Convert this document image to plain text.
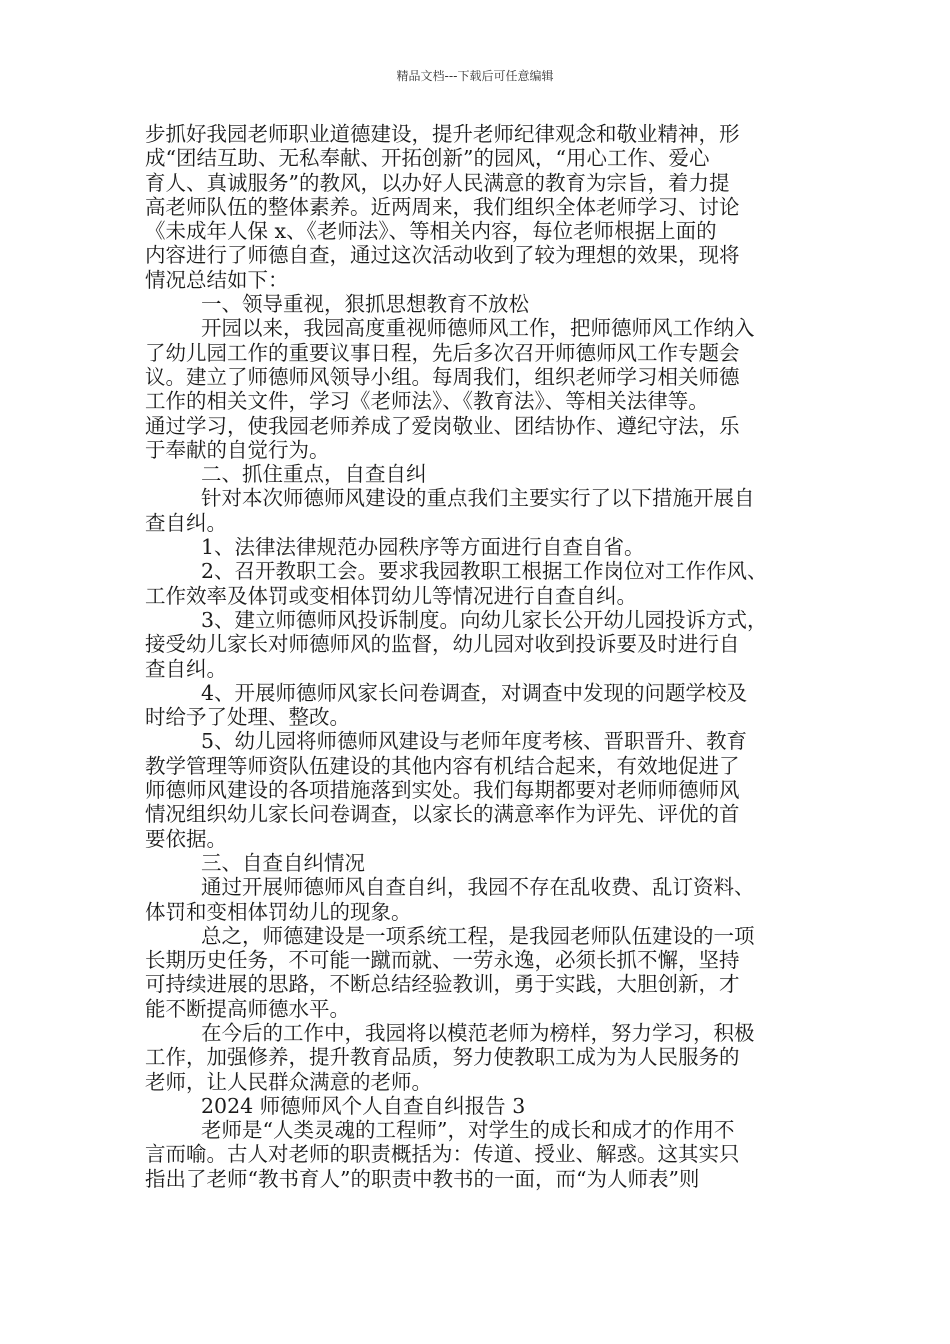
精品文档---下载后可任意编辑
步抓好我园老师职业道德建设，提升老师纪律观念和敬业精神，形
成“团结互助、无私奉献、开拓创新”的园风，“用心工作、爱心
育人、真诚服务”的教风，以办好人民满意的教育为宗旨，着力提
高老师队伍的整体素养。近两周来，我们组织全体老师学习、讨论
《未成年人保 x、《老师法》、等相关内容，每位老师根据上面的
内容进行了师德自查，通过这次活动收到了较为理想的效果，现将
情况总结如下：
一、领导重视，狠抓思想教育不放松
开园以来，我园高度重视师德师风工作，把师德师风工作纳入
了幼儿园工作的重要议事日程，先后多次召开师德师风工作专题会
议。建立了师德师风领导小组。每周我们，组织老师学习相关师德
工作的相关文件，学习《老师法》、《教育法》、等相关法律等。
通过学习，使我园老师养成了爱岗敬业、团结协作、遵纪守法，乐
于奉献的自觉行为。
二、抓住重点，自查自纠
针对本次师德师风建设的重点我们主要实行了以下措施开展自
查自纠。
1、法律法律规范办园秩序等方面进行自查自省。
2、召开教职工会。要求我园教职工根据工作岗位对工作作风、
工作效率及体罚或变相体罚幼儿等情况进行自查自纠。
3、建立师德师风投诉制度。向幼儿家长公开幼儿园投诉方式，
接受幼儿家长对师德师风的监督，幼儿园对收到投诉要及时进行自
查自纠。
4、开展师德师风家长问卷调查，对调查中发现的问题学校及
时给予了处理、整改。
5、幼儿园将师德师风建设与老师年度考核、晋职晋升、教育
教学管理等师资队伍建设的其他内容有机结合起来，有效地促进了
师德师风建设的各项措施落到实处。我们每期都要对老师师德师风
情况组织幼儿家长问卷调查，以家长的满意率作为评先、评优的首
要依据。
三、自查自纠情况
通过开展师德师风自查自纠，我园不存在乱收费、乱订资料、
体罚和变相体罚幼儿的现象。
总之，师德建设是一项系统工程，是我园老师队伍建设的一项
长期历史任务，不可能一蹴而就、一劳永逸，必须长抓不懈，坚持
可持续进展的思路，不断总结经验教训，勇于实践，大胆创新，才
能不断提高师德水平。
在今后的工作中，我园将以模范老师为榜样，努力学习，积极
工作，加强修养，提升教育品质，努力使教职工成为为人民服务的
老师，让人民群众满意的老师。
2024 师德师风个人自查自纠报告 3
老师是“人类灵魂的工程师”，对学生的成长和成才的作用不
言而喻。古人对老师的职责概括为：传道、授业、解惑。这其实只
指出了老师“教书育人”的职责中教书的一面，而“为人师表”则
